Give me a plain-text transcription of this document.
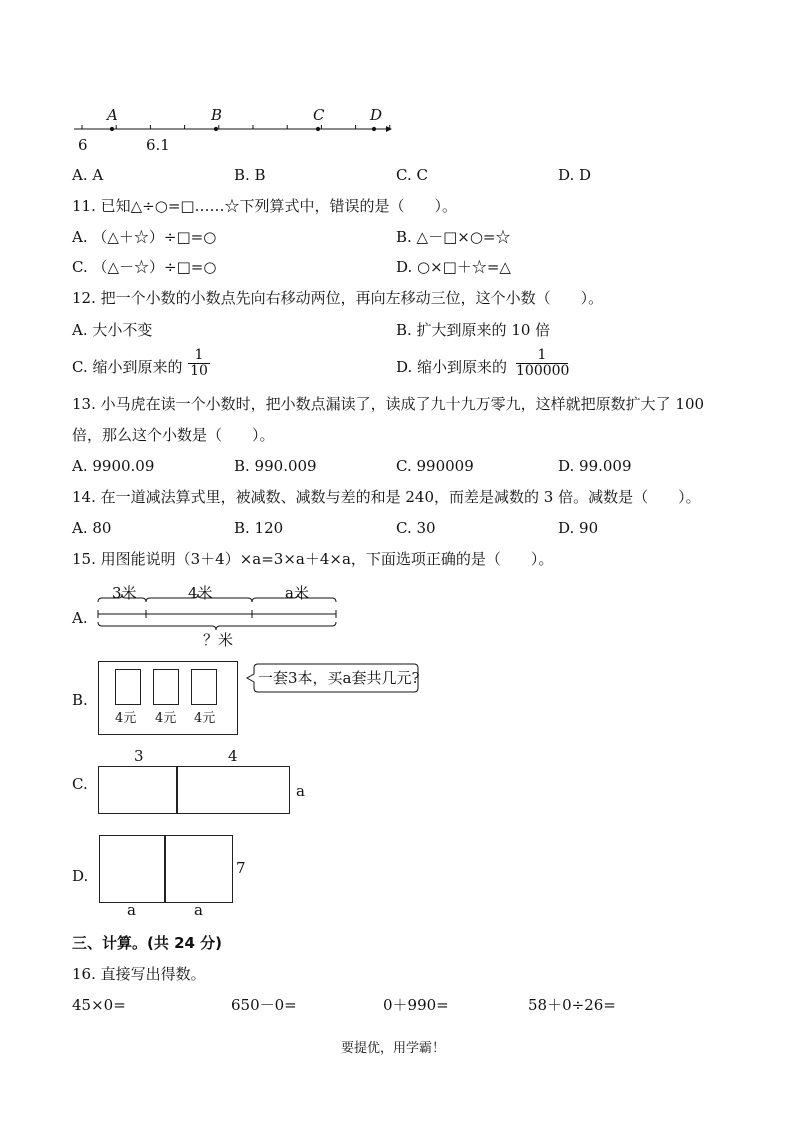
A	B	C	D
6	6.1
A. A	B. B	C. C	D. D
11. 已知△÷○=□……☆下列算式中，错误的是（　　）。
A. （△＋☆）÷□=○	B. △－□×○=☆
C. （△－☆）÷□=○	D. ○×□＋☆=△
12. 把一个小数的小数点先向右移动两位，再向左移动三位，这个小数（　　）。
A. 大小不变	B. 扩大到原来的 10 倍
C. 缩小到原来的 $\frac{1}{10}$	D. 缩小到原来的 $\frac{1}{100000}$
13. 小马虎在读一个小数时，把小数点漏读了，读成了九十九万零九，这样就把原数扩大了 100
倍，那么这个小数是（　　）。
A. 9900.09	B. 990.009	C. 990009	D. 99.009
14. 在一道减法算式里，被减数、减数与差的和是 240，而差是减数的 3 倍。减数是（　　）。
A. 80	B. 120	C. 30	D. 90
15. 用图能说明（3＋4）×a=3×a＋4×a，下面选项正确的是（　　）。
A.
3米	4米	a米
？米
B.
4元 4元 4元
一套3本，买a套共几元?
C.
3	4
a
D.	7
a	a
三、计算。(共 24 分)
16. 直接写出得数。
45×0=	650－0=	0＋990=	58＋0÷26=
要提优，用学霸！
